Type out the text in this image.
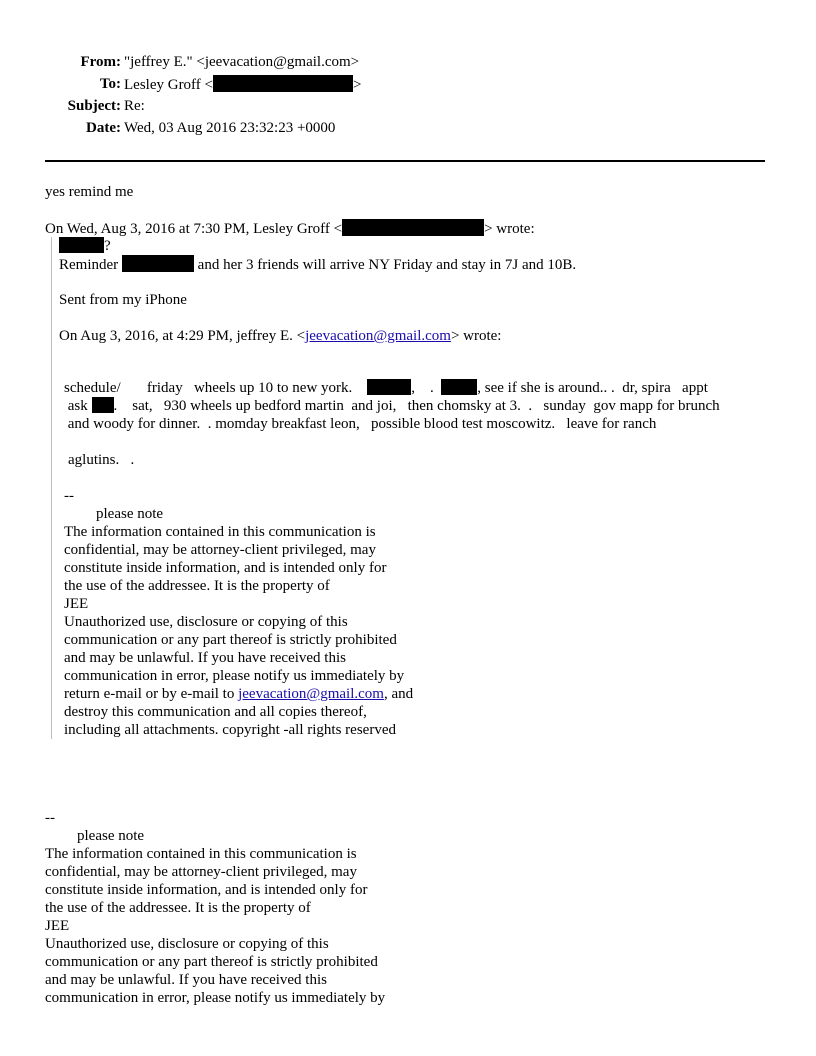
From: "jeffrey E." <jeevacation@gmail.com>
To: Lesley Groff <	>
Subject: Re:
Date: Wed, 03 Aug 2016 23:32:23 +0000
yes remind me
On Wed, Aug 3, 2016 at 7:30 PM, Lesley Groff <	> wrote:
?
Reminder	and her 3 friends will arrive NY Friday and stay in 7J and 10B.
Sent from my iPhone
On Aug 3, 2016, at 4:29 PM, jeffrey E. <jeevacation@gmail.com> wrote:
schedule/       friday   wheels up 10 to new york.	,    .  , see if she is around.. .  dr, spira   appt
ask .    sat,   930 wheels up bedford martin  and joi,   then chomsky at 3.  .   sunday  gov mapp for brunch
and woody for dinner.  . momday breakfast leon,   possible blood test moscowitz.   leave for ranch
aglutins.   .
--
please note
The information contained in this communication is
confidential, may be attorney-client privileged, may
constitute inside information, and is intended only for
the use of the addressee. It is the property of
JEE
Unauthorized use, disclosure or copying of this
communication or any part thereof is strictly prohibited
and may be unlawful. If you have received this
communication in error, please notify us immediately by
return e-mail or by e-mail to jeevacation@gmail.com, and
destroy this communication and all copies thereof,
including all attachments. copyright -all rights reserved
--
please note
The information contained in this communication is
confidential, may be attorney-client privileged, may
constitute inside information, and is intended only for
the use of the addressee. It is the property of
JEE
Unauthorized use, disclosure or copying of this
communication or any part thereof is strictly prohibited
and may be unlawful. If you have received this
communication in error, please notify us immediately by
